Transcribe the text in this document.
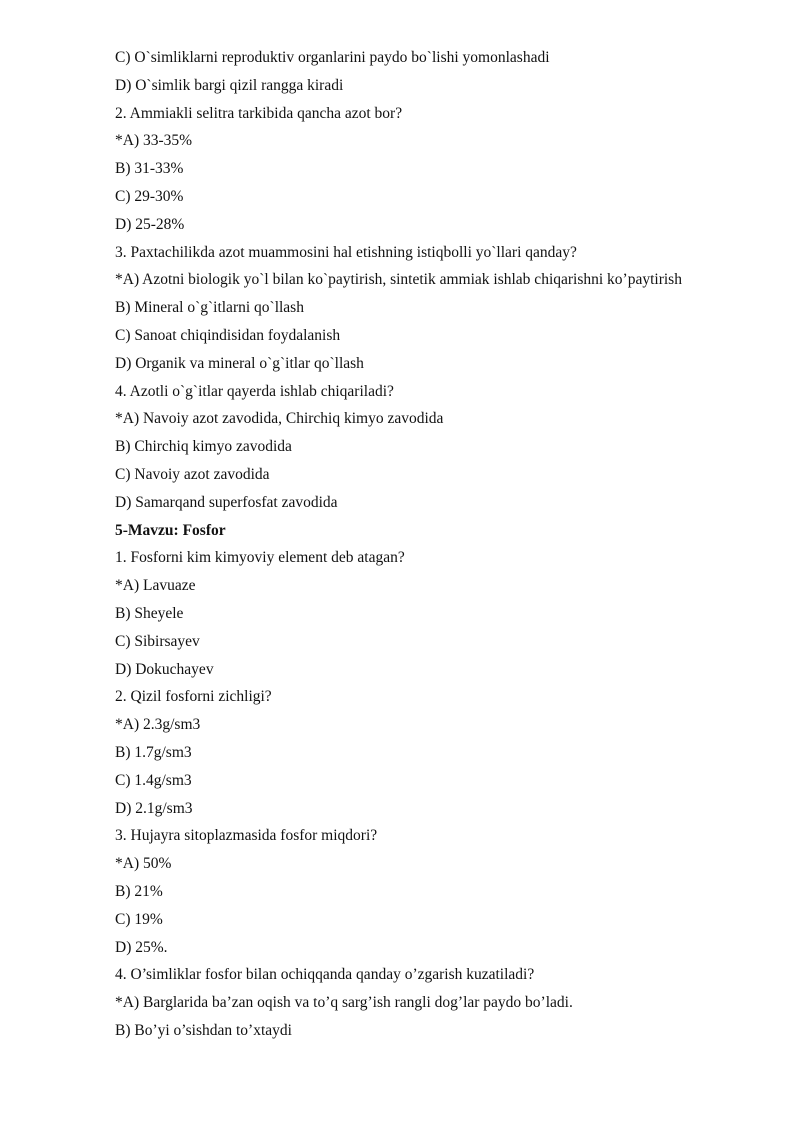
C) O`simliklarni reproduktiv organlarini paydo bo`lishi yomonlashadi
D) O`simlik bargi qizil rangga kiradi
2. Ammiakli selitra tarkibida qancha azot bor?
*A) 33-35%
B) 31-33%
C) 29-30%
D) 25-28%
3. Paxtachilikda azot muammosini hal etishning istiqbolli yo`llari qanday?
*A) Azotni biologik yo`l bilan ko`paytirish, sintetik ammiak ishlab chiqarishni ko’paytirish
B) Mineral o`g`itlarni qo`llash
C) Sanoat chiqindisidan foydalanish
D) Organik va mineral o`g`itlar qo`llash
4. Azotli o`g`itlar qayerda ishlab chiqariladi?
*A) Navoiy azot zavodida, Chirchiq kimyo zavodida
B) Chirchiq kimyo zavodida
C) Navoiy azot zavodida
D) Samarqand superfosfat zavodida
5-Mavzu: Fosfor
1. Fosforni kim kimyoviy element deb atagan?
*A) Lavuaze
B) Sheyele
C) Sibirsayev
D) Dokuchayev
2. Qizil fosforni zichligi?
*A) 2.3g/sm3
B) 1.7g/sm3
C) 1.4g/sm3
D) 2.1g/sm3
3. Hujayra sitoplazmasida fosfor miqdori?
*A) 50%
B) 21%
C) 19%
D) 25%.
4. O’simliklar fosfor bilan ochiqqanda qanday o’zgarish kuzatiladi?
*A) Barglarida ba’zan oqish va to’q sarg’ish rangli dog’lar paydo bo’ladi.
B) Bo’yi o’sishdan to’xtaydi
